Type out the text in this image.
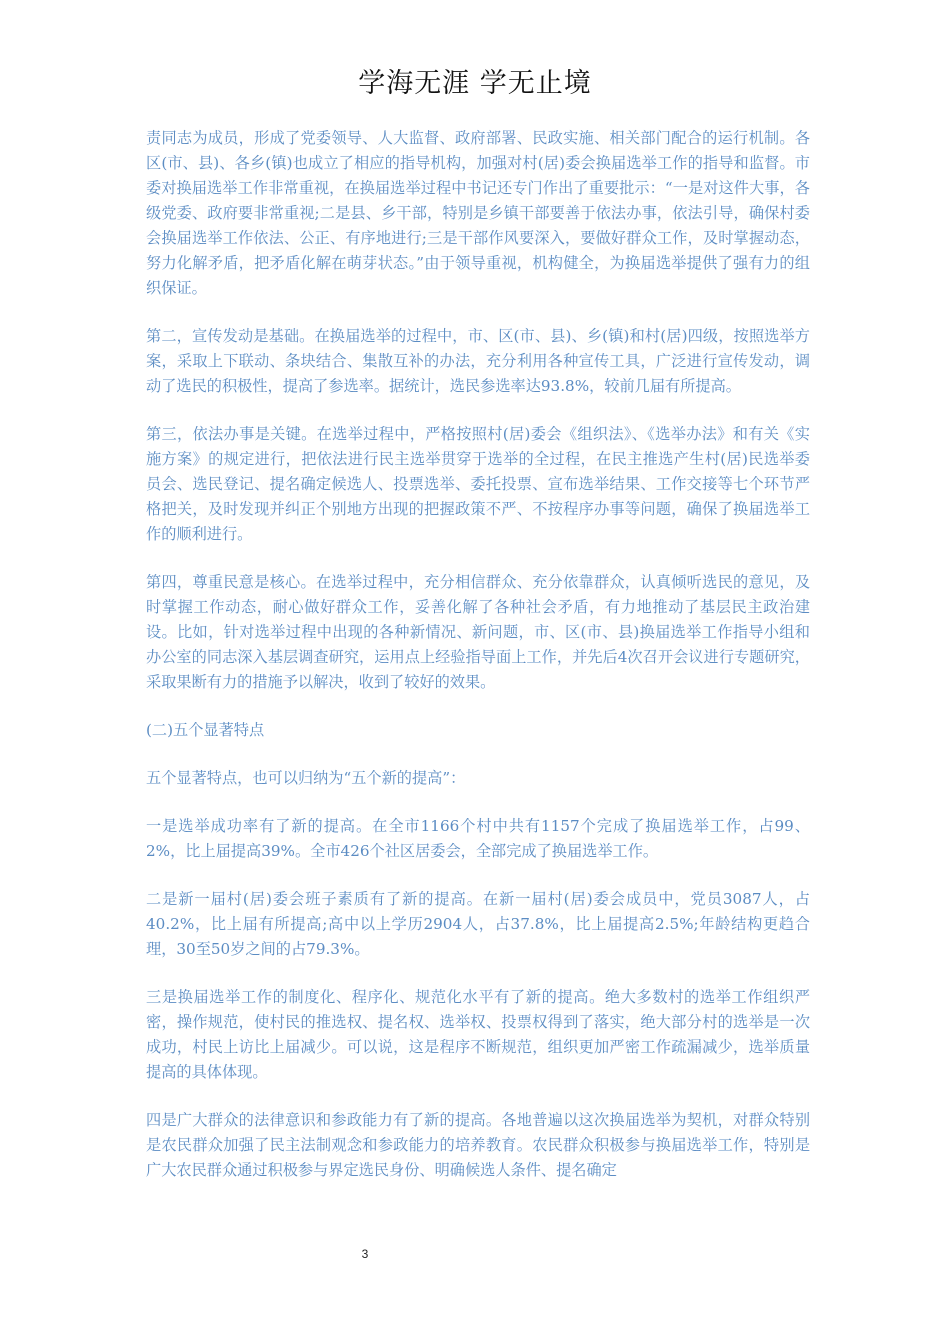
学海无涯 学无止境

责同志为成员，形成了党委领导、人大监督、政府部署、民政实施、相关部门配合的运行机制。各区(市、县)、各乡(镇)也成立了相应的指导机构，加强对村(居)委会换届选举工作的指导和监督。市委对换届选举工作非常重视，在换届选举过程中书记还专门作出了重要批示：“一是对这件大事，各级党委、政府要非常重视;二是县、乡干部，特别是乡镇干部要善于依法办事，依法引导，确保村委会换届选举工作依法、公正、有序地进行;三是干部作风要深入，要做好群众工作，及时掌握动态，努力化解矛盾，把矛盾化解在萌芽状态。”由于领导重视，机构健全，为换届选举提供了强有力的组织保证。

第二，宣传发动是基础。在换届选举的过程中，市、区(市、县)、乡(镇)和村(居)四级，按照选举方案，采取上下联动、条块结合、集散互补的办法，充分利用各种宣传工具，广泛进行宣传发动，调动了选民的积极性，提高了参选率。据统计，选民参选率达93.8%，较前几届有所提高。

第三，依法办事是关键。在选举过程中，严格按照村(居)委会《组织法》、《选举办法》和有关《实施方案》的规定进行，把依法进行民主选举贯穿于选举的全过程，在民主推选产生村(居)民选举委员会、选民登记、提名确定候选人、投票选举、委托投票、宣布选举结果、工作交接等七个环节严格把关，及时发现并纠正个别地方出现的把握政策不严、不按程序办事等问题，确保了换届选举工作的顺利进行。

第四，尊重民意是核心。在选举过程中，充分相信群众、充分依靠群众，认真倾听选民的意见，及时掌握工作动态，耐心做好群众工作，妥善化解了各种社会矛盾，有力地推动了基层民主政治建设。比如，针对选举过程中出现的各种新情况、新问题，市、区(市、县)换届选举工作指导小组和办公室的同志深入基层调查研究，运用点上经验指导面上工作，并先后4次召开会议进行专题研究，采取果断有力的措施予以解决，收到了较好的效果。

(二)五个显著特点

五个显著特点，也可以归纳为“五个新的提高”：

一是选举成功率有了新的提高。在全市1166个村中共有1157个完成了换届选举工作，占99、2%，比上届提高39%。全市426个社区居委会，全部完成了换届选举工作。

二是新一届村(居)委会班子素质有了新的提高。在新一届村(居)委会成员中，党员3087人，占40.2%，比上届有所提高;高中以上学历2904人，占37.8%，比上届提高2.5%;年龄结构更趋合理，30至50岁之间的占79.3%。

三是换届选举工作的制度化、程序化、规范化水平有了新的提高。绝大多数村的选举工作组织严密，操作规范，使村民的推选权、提名权、选举权、投票权得到了落实，绝大部分村的选举是一次成功，村民上访比上届减少。可以说，这是程序不断规范，组织更加严密工作疏漏减少，选举质量提高的具体体现。

四是广大群众的法律意识和参政能力有了新的提高。各地普遍以这次换届选举为契机，对群众特别是农民群众加强了民主法制观念和参政能力的培养教育。农民群众积极参与换届选举工作，特别是广大农民群众通过积极参与界定选民身份、明确候选人条件、提名确定

3
